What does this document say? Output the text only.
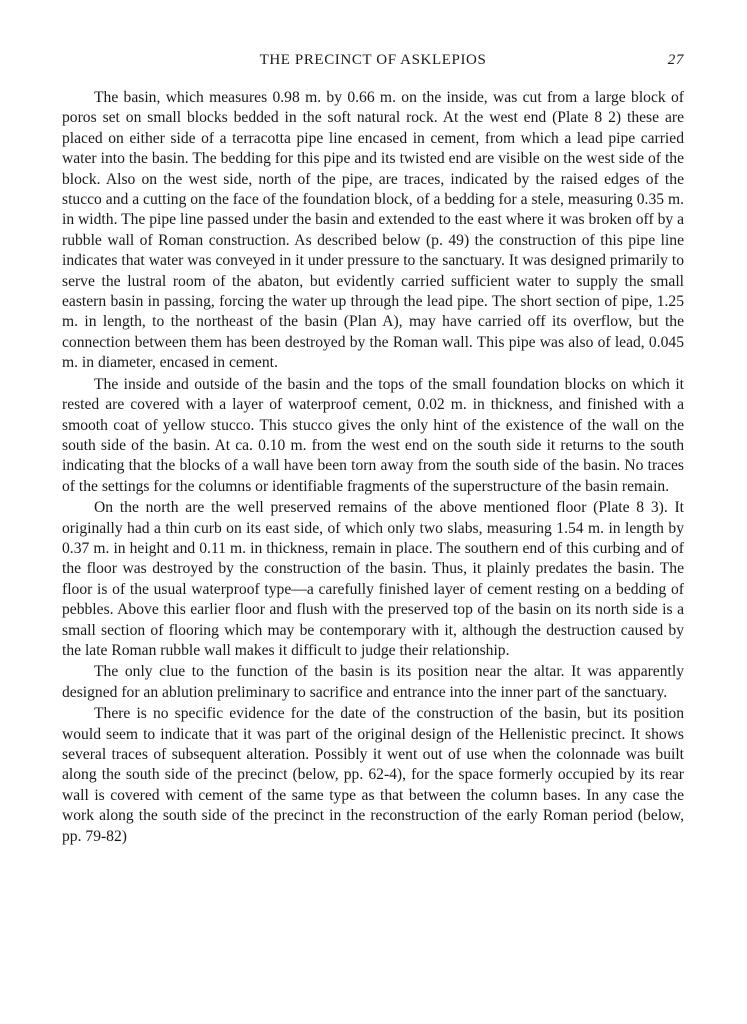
THE PRECINCT OF ASKLEPIOS	27

The basin, which measures 0.98 m. by 0.66 m. on the inside, was cut from a large block of poros set on small blocks bedded in the soft natural rock. At the west end (Plate 8 2) these are placed on either side of a terracotta pipe line encased in cement, from which a lead pipe carried water into the basin. The bedding for this pipe and its twisted end are visible on the west side of the block. Also on the west side, north of the pipe, are traces, indicated by the raised edges of the stucco and a cutting on the face of the foundation block, of a bedding for a stele, measuring 0.35 m. in width. The pipe line passed under the basin and extended to the east where it was broken off by a rubble wall of Roman construction. As described below (p. 49) the construction of this pipe line indicates that water was conveyed in it under pressure to the sanctuary. It was designed primarily to serve the lustral room of the abaton, but evidently carried sufficient water to supply the small eastern basin in passing, forcing the water up through the lead pipe. The short section of pipe, 1.25 m. in length, to the northeast of the basin (Plan A), may have carried off its overflow, but the connection between them has been destroyed by the Roman wall. This pipe was also of lead, 0.045 m. in diameter, encased in cement.

The inside and outside of the basin and the tops of the small foundation blocks on which it rested are covered with a layer of waterproof cement, 0.02 m. in thickness, and finished with a smooth coat of yellow stucco. This stucco gives the only hint of the existence of the wall on the south side of the basin. At ca. 0.10 m. from the west end on the south side it returns to the south indicating that the blocks of a wall have been torn away from the south side of the basin. No traces of the settings for the columns or identifiable fragments of the superstructure of the basin remain.

On the north are the well preserved remains of the above mentioned floor (Plate 8 3). It originally had a thin curb on its east side, of which only two slabs, measuring 1.54 m. in length by 0.37 m. in height and 0.11 m. in thickness, remain in place. The southern end of this curbing and of the floor was destroyed by the construction of the basin. Thus, it plainly predates the basin. The floor is of the usual waterproof type—a carefully finished layer of cement resting on a bedding of pebbles. Above this earlier floor and flush with the preserved top of the basin on its north side is a small section of flooring which may be contemporary with it, although the destruction caused by the late Roman rubble wall makes it difficult to judge their relationship.

The only clue to the function of the basin is its position near the altar. It was apparently designed for an ablution preliminary to sacrifice and entrance into the inner part of the sanctuary.

There is no specific evidence for the date of the construction of the basin, but its position would seem to indicate that it was part of the original design of the Hellenistic precinct. It shows several traces of subsequent alteration. Possibly it went out of use when the colonnade was built along the south side of the precinct (below, pp. 62-4), for the space formerly occupied by its rear wall is covered with cement of the same type as that between the column bases. In any case the work along the south side of the precinct in the reconstruction of the early Roman period (below, pp. 79-82)
